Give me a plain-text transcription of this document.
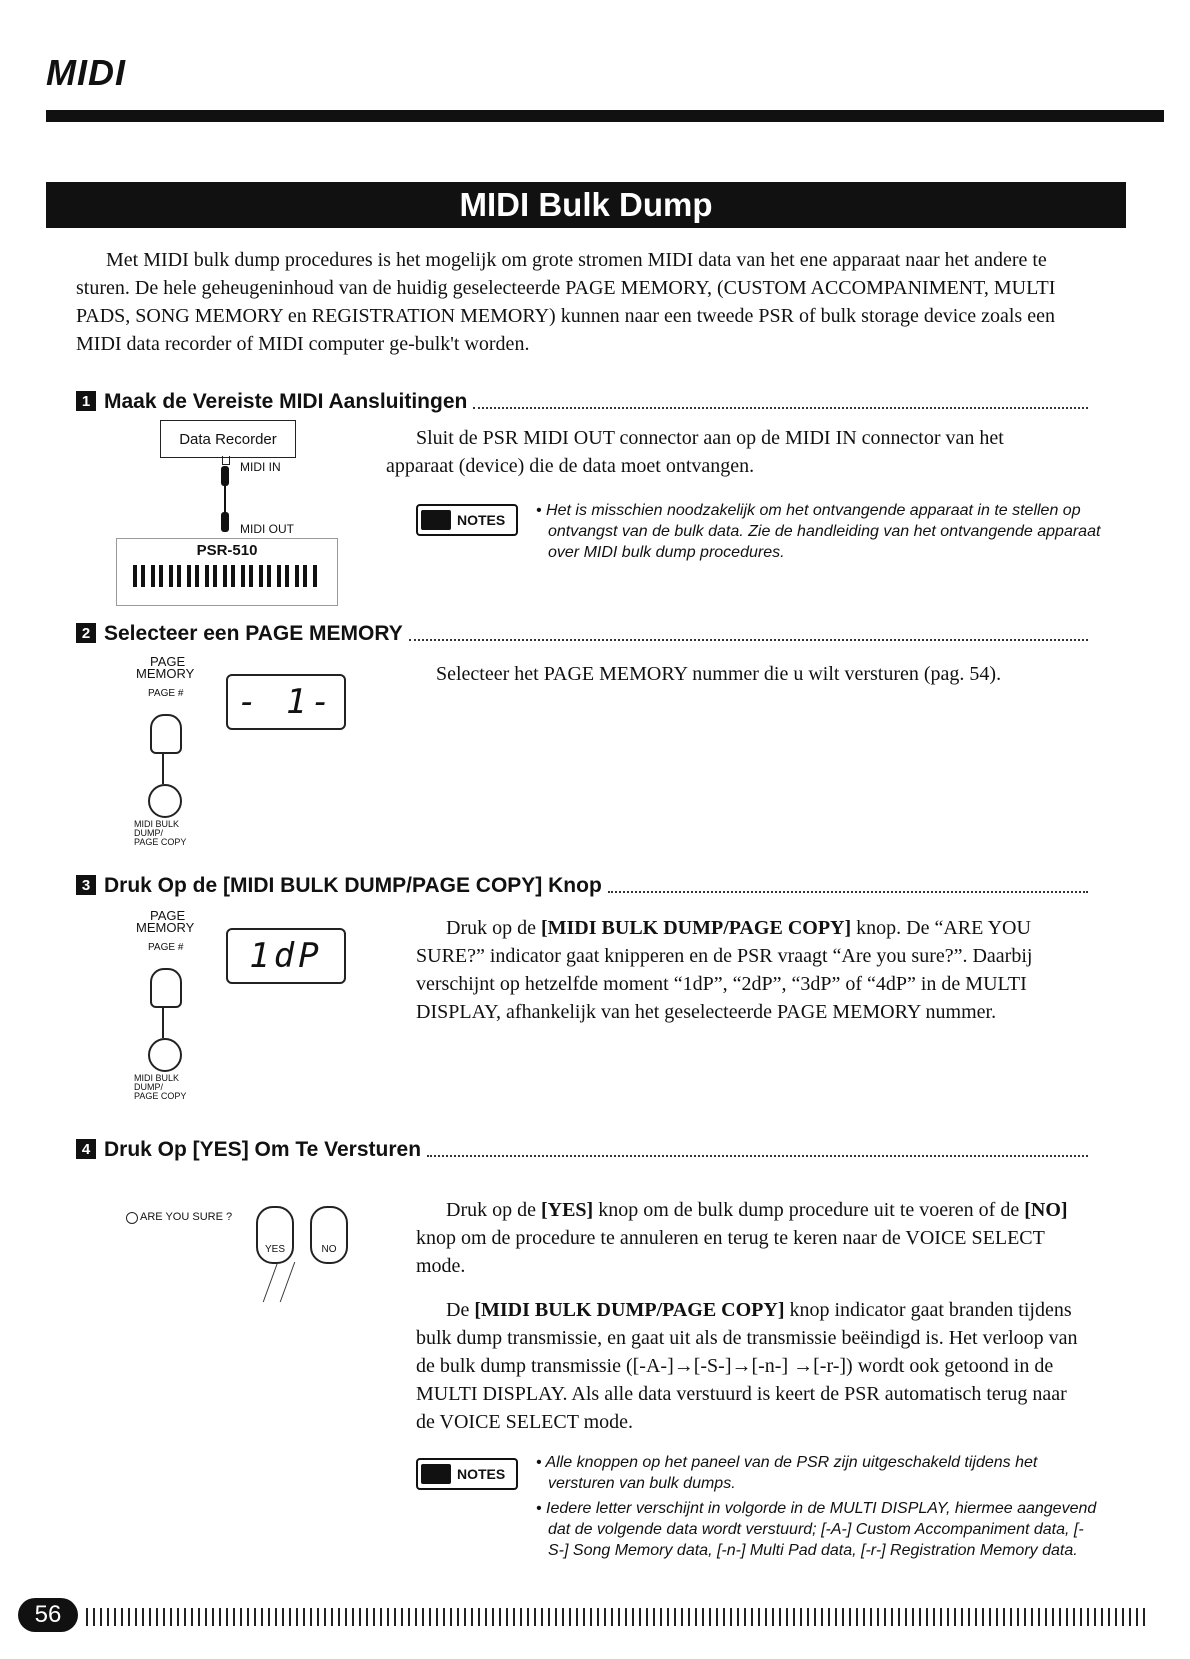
MIDI
MIDI Bulk Dump
Met MIDI bulk dump procedures is het mogelijk om grote stromen MIDI data van het ene apparaat naar het andere te sturen. De hele geheugeninhoud van de huidig geselecteerde PAGE MEMORY, (CUSTOM ACCOMPANIMENT, MULTI PADS, SONG MEMORY en REGISTRATION MEMORY) kunnen naar een tweede PSR of bulk storage device zoals een MIDI data recorder of MIDI computer ge-bulk't worden.
1 Maak de Vereiste MIDI Aansluitingen
Data Recorder
MIDI IN
MIDI OUT
PSR-510
Sluit de PSR MIDI OUT connector aan op de MIDI IN connector van het apparaat (device) die de data moet ontvangen.
NOTES
• Het is misschien noodzakelijk om het ontvangende apparaat in te stellen op ontvangst van de bulk data. Zie de handleiding van het ontvangende apparaat over MIDI bulk dump procedures.
2 Selecteer een PAGE MEMORY
PAGE
MEMORY
PAGE # - 1-
MIDI BULK
DUMP/
PAGE COPY
Selecteer het PAGE MEMORY nummer die u wilt versturen (pag. 54).
3 Druk Op de [MIDI BULK DUMP/PAGE COPY] Knop
PAGE
MEMORY
PAGE #	1dP
MIDI BULK
DUMP/
PAGE COPY
Druk op de [MIDI BULK DUMP/PAGE COPY] knop. De “ARE YOU SURE?” indicator gaat knipperen en de PSR vraagt “Are you sure?”. Daarbij verschijnt op hetzelfde moment “1dP”, “2dP”, “3dP” of “4dP” in de MULTI DISPLAY, afhankelijk van het geselecteerde PAGE MEMORY nummer.
4 Druk Op [YES] Om Te Versturen
ARE YOU SURE ?
YES	NO
Druk op de [YES] knop om de bulk dump procedure uit te voeren of de [NO] knop om de procedure te annuleren en terug te keren naar de VOICE SELECT mode.
De [MIDI BULK DUMP/PAGE COPY] knop indicator gaat branden tijdens bulk dump transmissie, en gaat uit als de transmissie beëindigd is. Het verloop van de bulk dump transmissie ([-A-]→[-S-]→[-n-] →[-r-]) wordt ook getoond in de MULTI DISPLAY. Als alle data verstuurd is keert de PSR automatisch terug naar de VOICE SELECT mode.
NOTES
• Alle knoppen op het paneel van de PSR zijn uitgeschakeld tijdens het versturen van bulk dumps.
• Iedere letter verschijnt in volgorde in de MULTI DISPLAY, hiermee aangevend dat de volgende data wordt verstuurd; [-A-] Custom Accompaniment data, [-S-] Song Memory data, [-n-] Multi Pad data, [-r-] Registration Memory data.
56
